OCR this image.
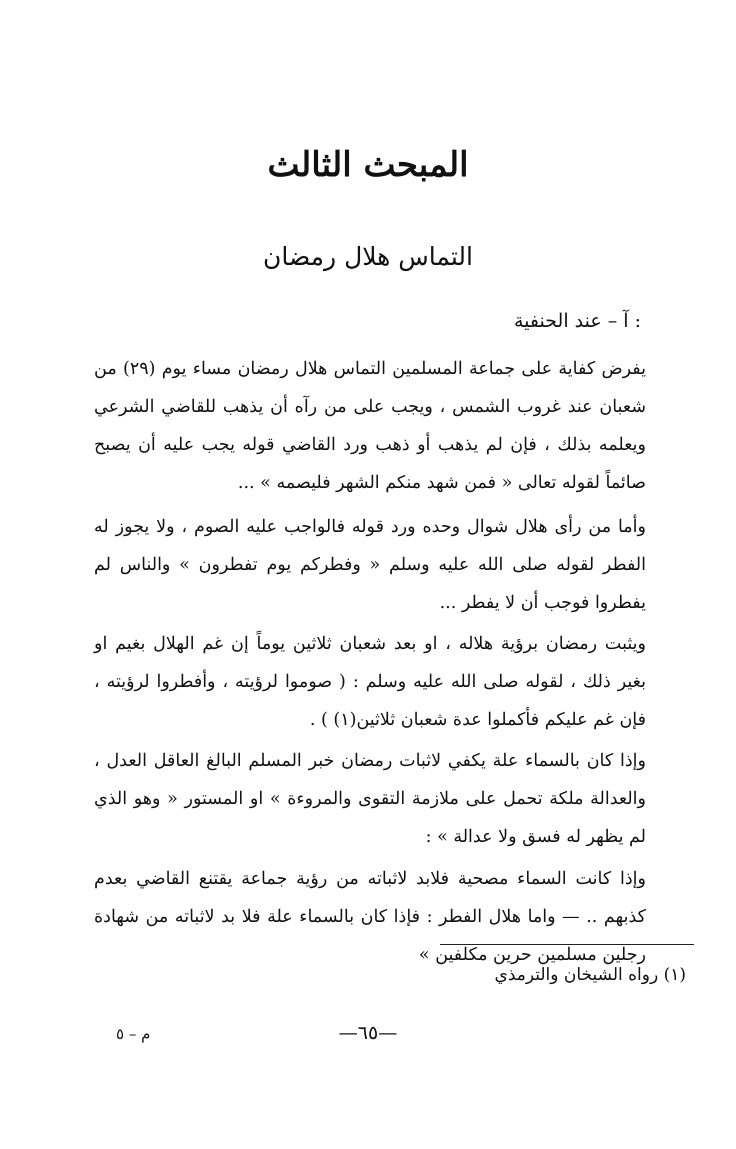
المبحث الثالث
التماس هلال رمضان
آ – عند الحنفية :
يفرض كفاية على جماعة المسلمين التماس هلال رمضان مساء يوم (٢٩) من شعبان عند غروب الشمس ، ويجب على من رآه أن يذهب للقاضي الشرعي ويعلمه بذلك ، فإن لم يذهب أو ذهب ورد القاضي قوله يجب عليه أن يصبح صائماً لقوله تعالى « فمن شهد منكم الشهر فليصمه » ...
وأما من رأى هلال شوال وحده ورد قوله فالواجب عليه الصوم ، ولا يجوز له الفطر لقوله صلى الله عليه وسلم « وفطركم يوم تفطرون » والناس لم يفطروا فوجب أن لا يفطر ...
ويثبت رمضان برؤية هلاله ، او بعد شعبان ثلاثين يوماً إن غم الهلال بغيم او بغير ذلك ، لقوله صلى الله عليه وسلم : ( صوموا لرؤيته ، وأفطروا لرؤيته ، فإن غم عليكم فأكملوا عدة شعبان ثلاثين(١) ) .
وإذا كان بالسماء علة يكفي لاثبات رمضان خبر المسلم البالغ العاقل العدل ، والعدالة ملكة تحمل على ملازمة التقوى والمروءة » او المستور « وهو الذي لم يظهر له فسق ولا عدالة » :
وإذا كانت السماء مصحية فلابد لاثباته من رؤية جماعة يقتنع القاضي بعدم كذبهم .. — واما هلال الفطر : فإذا كان بالسماء علة فلا بد لاثباته من شهادة رجلين مسلمين حرين مكلفين »
(١) رواه الشيخان والترمذي
—٦٥—
م – ٥
